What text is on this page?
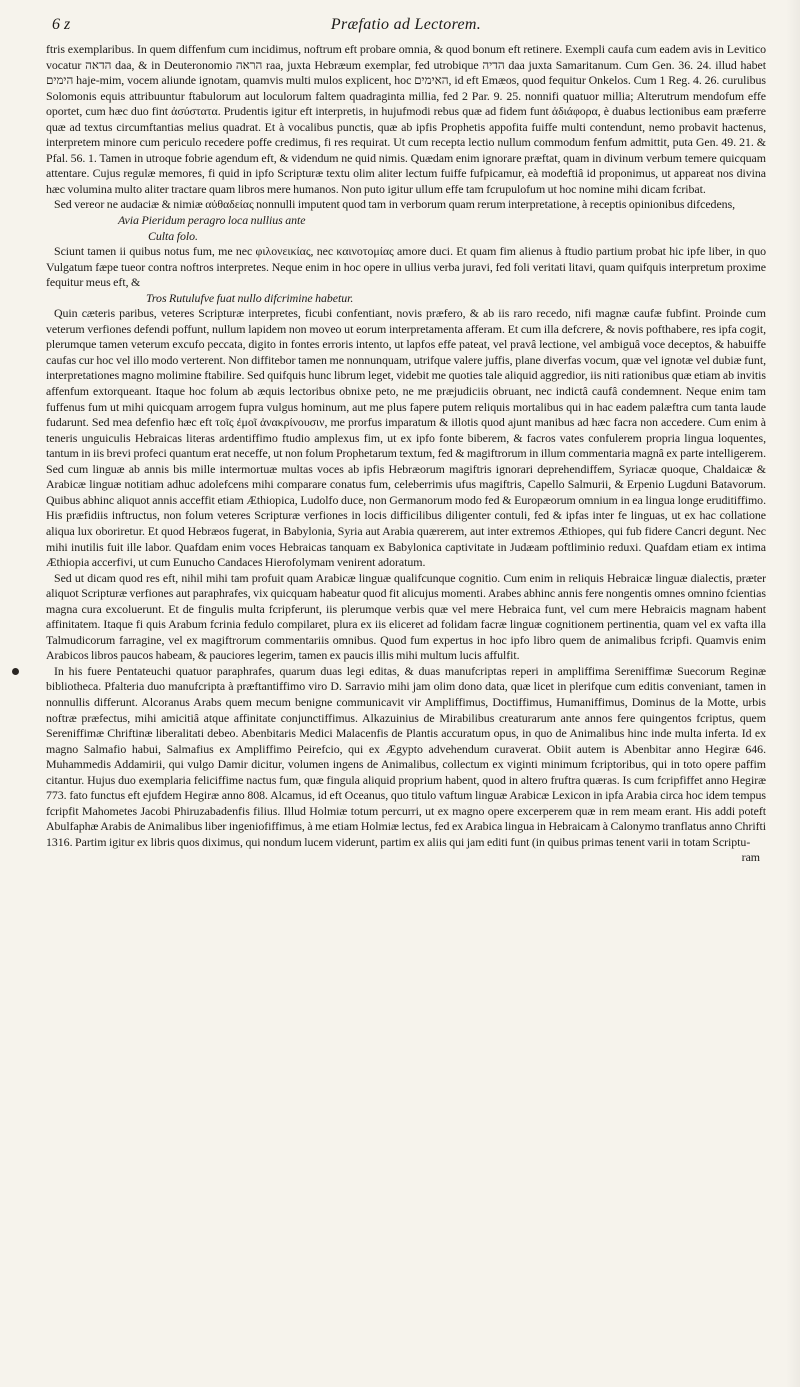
6 z	Præfatio ad Lectorem.

ftris exemplaribus. In quem diffenfum cum incidimus, noftrum eft probare omnia, & quod bonum eft retinere. Exempli caufa cum eadem avis in Levitico vocatur הדאה daa, & in Deuteronomio הראה raa, juxta Hebræum exemplar, fed utrobique הדיה daa juxta Samaritanum. Cum Gen. 36. 24. illud habet הימים haje-mim, vocem aliunde ignotam, quamvis multi mulos explicent, hoc האימים, id eft Emæos, quod fequitur Onkelos. Cum 1 Reg. 4. 26. curulibus Solomonis equis attribuuntur ftabulorum aut loculorum faltem quadraginta millia, fed 2 Par. 9. 25. nonnifi quatuor millia; Alterutrum mendofum effe oportet, cum hæc duo fint ἀσύστατα. Prudentis igitur eft interpretis, in hujufmodi rebus quæ ad fidem funt ἀδιάφορα, è duabus lectionibus eam præferre quæ ad textus circumftantias melius quadrat. Et à vocalibus punctis, quæ ab ipfis Prophetis appofita fuiffe multi contendunt, nemo probavit hactenus, interpretem minore cum periculo recedere poffe credimus, fi res requirat. Ut cum recepta lectio nullum commodum fenfum admittit, puta Gen. 49. 21. & Pfal. 56. 1. Tamen in utroque fobrie agendum eft, & videndum ne quid nimis. Quædam enim ignorare præftat, quam in divinum verbum temere quicquam attentare. Cujus regulæ memores, fi quid in ipfo Scripturæ textu olim aliter lectum fuiffe fufpicamur, eà modeftiâ id proponimus, ut appareat nos divina hæc volumina multo aliter tractare quam libros mere humanos. Non puto igitur ullum effe tam fcrupulofum ut hoc nomine mihi dicam fcribat.

Sed vereor ne audaciæ & nimiæ αὐθαδείας nonnulli imputent quod tam in verborum quam rerum interpretatione, à receptis opinionibus difcedens,

Avia Pieridum peragro loca nullius ante

Culta folo.

Sciunt tamen ii quibus notus fum, me nec φιλονεικίας, nec καινοτομίας amore duci. Et quam fim alienus à ftudio partium probat hic ipfe liber, in quo Vulgatum fæpe tueor contra noftros interpretes. Neque enim in hoc opere in ullius verba juravi, fed foli veritati litavi, quam quifquis interpretum proxime fequitur meus eft, &

Tros Rutulufve fuat nullo difcrimine habetur.

Quin cæteris paribus, veteres Scripturæ interpretes, ficubi confentiant, novis præfero, & ab iis raro recedo, nifi magnæ caufæ fubfint. Proinde cum veterum verfiones defendi poffunt, nullum lapidem non moveo ut eorum interpretamenta afferam. Et cum illa defcrere, & novis pofthabere, res ipfa cogit, plerumque tamen veterum excufo peccata, digito in fontes erroris intento, ut lapfos effe pateat, vel pravâ lectione, vel ambiguâ voce deceptos, & habuiffe caufas cur hoc vel illo modo verterent. Non diffitebor tamen me nonnunquam, utrifque valere juffis, plane diverfas vocum, quæ vel ignotæ vel dubiæ funt, interpretationes magno molimine ftabilire. Sed quifquis hunc librum leget, videbit me quoties tale aliquid aggredior, iis niti rationibus quæ etiam ab invitis affenfum extorqueant. Itaque hoc folum ab æquis lectoribus obnixe peto, ne me præjudiciis obruant, nec indictâ caufâ condemnent. Neque enim tam fuffenus fum ut mihi quicquam arrogem fupra vulgus hominum, aut me plus fapere putem reliquis mortalibus qui in hac eadem palæftra cum tanta laude fudarunt. Sed mea defenfio hæc eft τοῖς ἐμοῖ ἀνακρίνουσιν, me prorfus imparatum & illotis quod ajunt manibus ad hæc facra non accedere. Cum enim à teneris unguiculis Hebraicas literas ardentiffimo ftudio amplexus fim, ut ex ipfo fonte biberem, & facros vates confulerem propria lingua loquentes, tantum in iis brevi profeci quantum erat neceffe, ut non folum Prophetarum textum, fed & magiftrorum in illum commentaria magnâ ex parte intelligerem. Sed cum linguæ ab annis bis mille intermortuæ multas voces ab ipfis Hebræorum magiftris ignorari deprehendiffem, Syriacæ quoque, Chaldaicæ & Arabicæ linguæ notitiam adhuc adolefcens mihi comparare conatus fum, celeberrimis ufus magiftris, Capello Salmurii, & Erpenio Lugduni Batavorum. Quibus abhinc aliquot annis acceffit etiam Æthiopica, Ludolfo duce, non Germanorum modo fed & Europæorum omnium in ea lingua longe eruditiffimo. His præfidiis inftructus, non folum veteres Scripturæ verfiones in locis difficilibus diligenter contuli, fed & ipfas inter fe linguas, ut ex hac collatione aliqua lux oboriretur. Et quod Hebræos fugerat, in Babylonia, Syria aut Arabia quærerem, aut inter extremos Æthiopes, qui fub fidere Cancri degunt. Nec mihi inutilis fuit ille labor. Quafdam enim voces Hebraicas tanquam ex Babylonica captivitate in Judæam poftliminio reduxi. Quafdam etiam ex intima Æthiopia accerfivi, ut cum Eunucho Candaces Hierofolymam venirent adoratum.

Sed ut dicam quod res eft, nihil mihi tam profuit quam Arabicæ linguæ qualifcunque cognitio. Cum enim in reliquis Hebraicæ linguæ dialectis, præter aliquot Scripturæ verfiones aut paraphrafes, vix quicquam habeatur quod fit alicujus momenti. Arabes abhinc annis fere nongentis omnes omnino fcientias magna cura excoluerunt. Et de fingulis multa fcripferunt, iis plerumque verbis quæ vel mere Hebraica funt, vel cum mere Hebraicis magnam habent affinitatem. Itaque fi quis Arabum fcrinia fedulo compilaret, plura ex iis eliceret ad folidam facræ linguæ cognitionem pertinentia, quam vel ex vafta illa Talmudicorum farragine, vel ex magiftrorum commentariis omnibus. Quod fum expertus in hoc ipfo libro quem de animalibus fcripfi. Quamvis enim Arabicos libros paucos habeam, & pauciores legerim, tamen ex paucis illis mihi multum lucis affulfit.

In his fuere Pentateuchi quatuor paraphrafes, quarum duas legi editas, & duas manufcriptas reperi in ampliffima Sereniffimæ Suecorum Reginæ bibliotheca. Pfalteria duo manufcripta à præftantiffimo viro D. Sarravio mihi jam olim dono data, quæ licet in plerifque cum editis conveniant, tamen in nonnullis differunt. Alcoranus Arabs quem mecum benigne communicavit vir Ampliffimus, Doctiffimus, Humaniffimus, Dominus de la Motte, urbis noftræ præfectus, mihi amicitiâ atque affinitate conjunctiffimus. Alkazuinius de Mirabilibus creaturarum ante annos fere quingentos fcriptus, quem Sereniffimæ Chriftinæ liberalitati debeo. Abenbitaris Medici Malacenfis de Plantis accuratum opus, in quo de Animalibus hinc inde multa inferta. Id ex magno Salmafio habui, Salmafius ex Ampliffimo Peirefcio, qui ex Ægypto advehendum curaverat. Obiit autem is Abenbitar anno Hegiræ 646. Muhammedis Addamirii, qui vulgo Damir dicitur, volumen ingens de Animalibus, collectum ex viginti minimum fcriptoribus, qui in toto opere paffim citantur. Hujus duo exemplaria feliciffime nactus fum, quæ fingula aliquid proprium habent, quod in altero fruftra quæras. Is cum fcripfiffet anno Hegiræ 773. fato functus eft ejufdem Hegiræ anno 808. Alcamus, id eft Oceanus, quo titulo vaftum linguæ Arabicæ Lexicon in ipfa Arabia circa hoc idem tempus fcripfit Mahometes Jacobi Phiruzabadenfis filius. Illud Holmiæ totum percurri, ut ex magno opere excerperem quæ in rem meam erant. His addi poteft Abulfaphæ Arabis de Animalibus liber ingeniofiffimus, à me etiam Holmiæ lectus, fed ex Arabica lingua in Hebraicam à Calonymo tranflatus anno Chrifti 1316. Partim igitur ex libris quos diximus, qui nondum lucem viderunt, partim ex aliis qui jam editi funt (in quibus primas tenent varii in totam Scriptu-

ram
